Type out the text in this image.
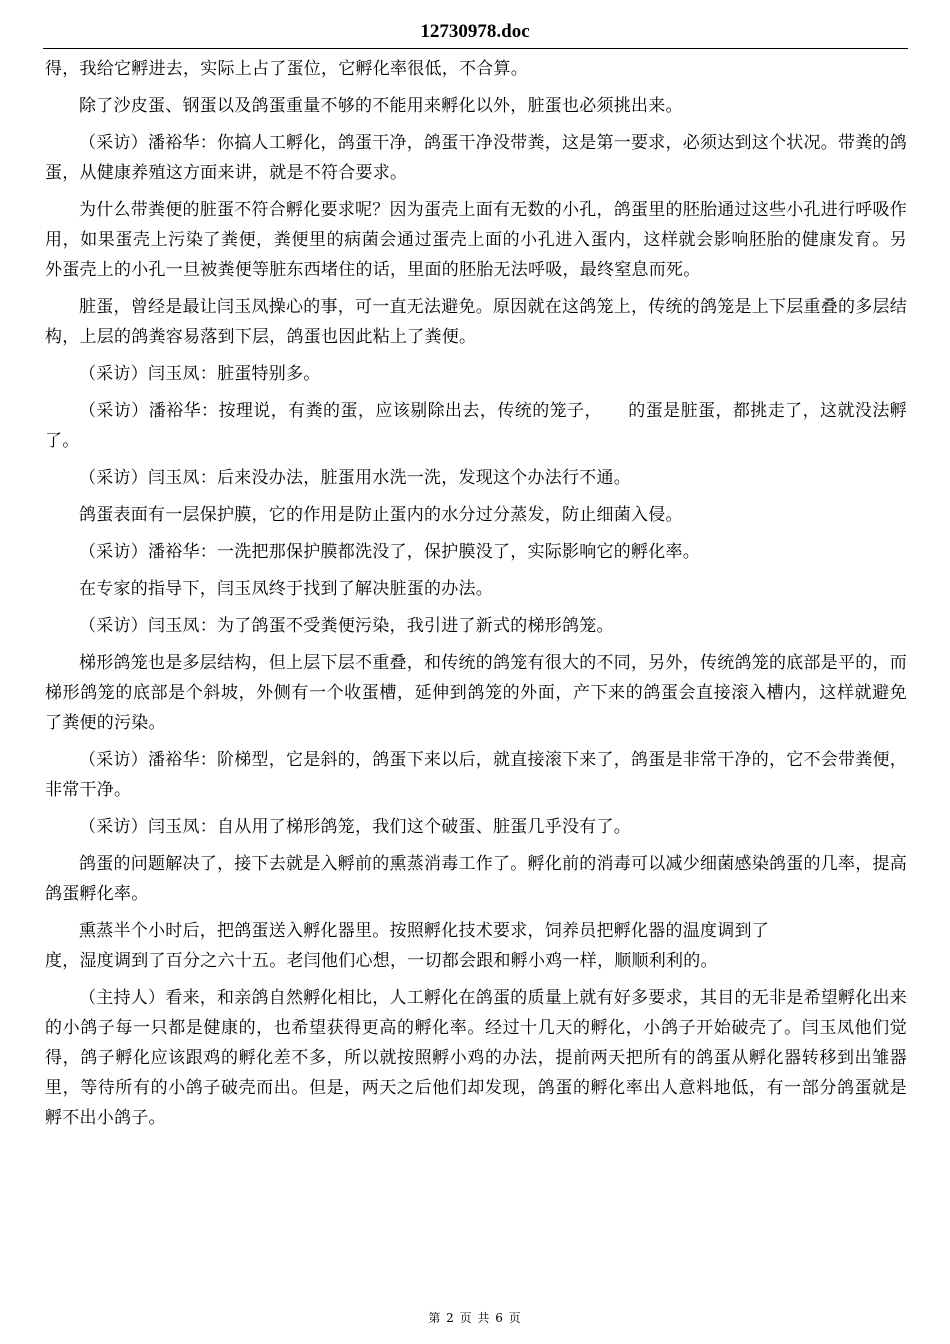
12730978.doc

得，我给它孵进去，实际上占了蛋位，它孵化率很低，不合算。

除了沙皮蛋、钢蛋以及鸽蛋重量不够的不能用来孵化以外，脏蛋也必须挑出来。

（采访）潘裕华：你搞人工孵化，鸽蛋干净，鸽蛋干净没带粪，这是第一要求，必须达到这个状况。带粪的鸽蛋，从健康养殖这方面来讲，就是不符合要求。

为什么带粪便的脏蛋不符合孵化要求呢？因为蛋壳上面有无数的小孔，鸽蛋里的胚胎通过这些小孔进行呼吸作用，如果蛋壳上污染了粪便，粪便里的病菌会通过蛋壳上面的小孔进入蛋内，这样就会影响胚胎的健康发育。另外蛋壳上的小孔一旦被粪便等脏东西堵住的话，里面的胚胎无法呼吸，最终窒息而死。

脏蛋，曾经是最让闫玉凤操心的事，可一直无法避免。原因就在这鸽笼上，传统的鸽笼是上下层重叠的多层结构，上层的鸽粪容易落到下层，鸽蛋也因此粘上了粪便。

（采访）闫玉凤：脏蛋特别多。

（采访）潘裕华：按理说，有粪的蛋，应该剔除出去，传统的笼子，　　的蛋是脏蛋，都挑走了，这就没法孵了。

（采访）闫玉凤：后来没办法，脏蛋用水洗一洗，发现这个办法行不通。

鸽蛋表面有一层保护膜，它的作用是防止蛋内的水分过分蒸发，防止细菌入侵。

（采访）潘裕华：一洗把那保护膜都洗没了，保护膜没了，实际影响它的孵化率。

在专家的指导下，闫玉凤终于找到了解决脏蛋的办法。

（采访）闫玉凤：为了鸽蛋不受粪便污染，我引进了新式的梯形鸽笼。

梯形鸽笼也是多层结构，但上层下层不重叠，和传统的鸽笼有很大的不同，另外，传统鸽笼的底部是平的，而梯形鸽笼的底部是个斜坡，外侧有一个收蛋槽，延伸到鸽笼的外面，产下来的鸽蛋会直接滚入槽内，这样就避免了粪便的污染。

（采访）潘裕华：阶梯型，它是斜的，鸽蛋下来以后，就直接滚下来了，鸽蛋是非常干净的，它不会带粪便，非常干净。

（采访）闫玉凤：自从用了梯形鸽笼，我们这个破蛋、脏蛋几乎没有了。

鸽蛋的问题解决了，接下去就是入孵前的熏蒸消毒工作了。孵化前的消毒可以减少细菌感染鸽蛋的几率，提高鸽蛋孵化率。

熏蒸半个小时后，把鸽蛋送入孵化器里。按照孵化技术要求，饲养员把孵化器的温度调到了

度，湿度调到了百分之六十五。老闫他们心想，一切都会跟和孵小鸡一样，顺顺利利的。

（主持人）看来，和亲鸽自然孵化相比，人工孵化在鸽蛋的质量上就有好多要求，其目的无非是希望孵化出来的小鸽子每一只都是健康的，也希望获得更高的孵化率。经过十几天的孵化，小鸽子开始破壳了。闫玉凤他们觉得，鸽子孵化应该跟鸡的孵化差不多，所以就按照孵小鸡的办法，提前两天把所有的鸽蛋从孵化器转移到出雏器里，等待所有的小鸽子破壳而出。但是，两天之后他们却发现，鸽蛋的孵化率出人意料地低，有一部分鸽蛋就是孵不出小鸽子。

第 2 页 共 6 页
